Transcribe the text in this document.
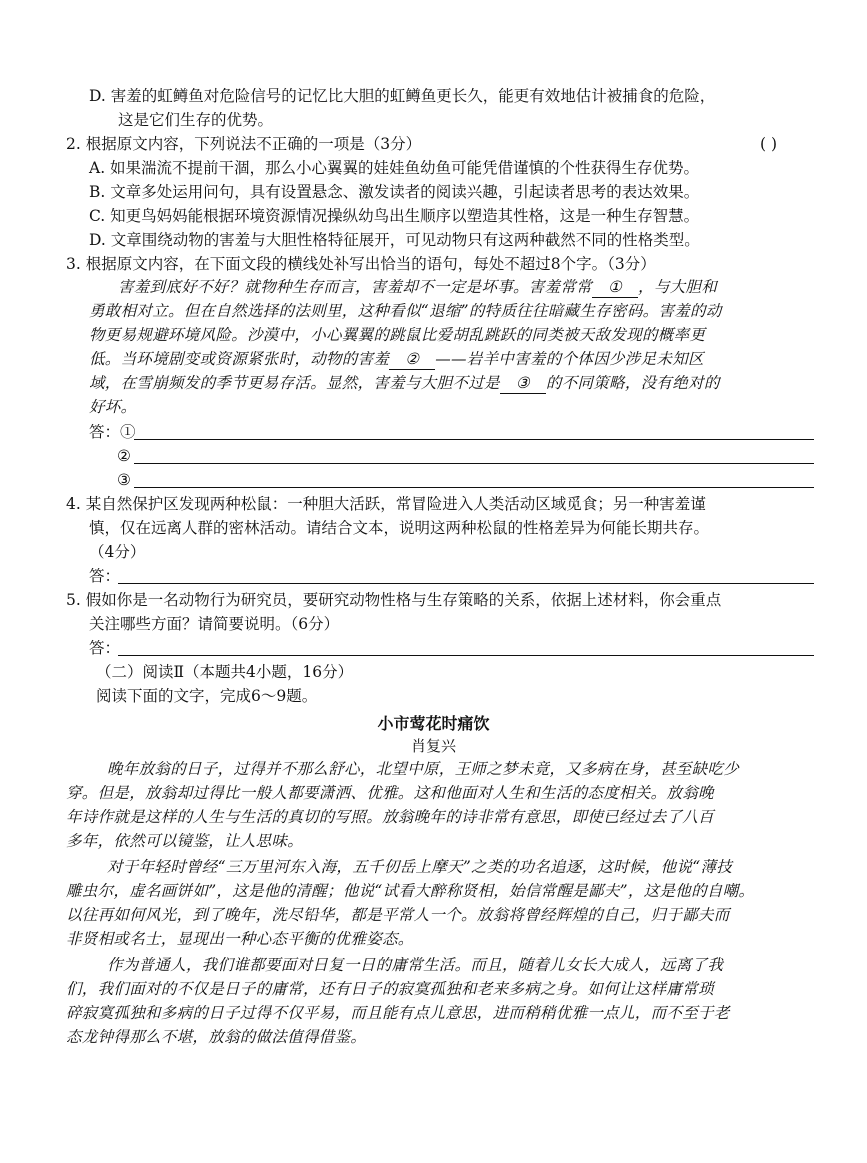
D. 害羞的虹鳟鱼对危险信号的记忆比大胆的虹鳟鱼更长久，能更有效地估计被捕食的危险，
这是它们生存的优势。
2. 根据原文内容，下列说法不正确的一项是（3分）	( )
A. 如果湍流不提前干涸，那么小心翼翼的娃娃鱼幼鱼可能凭借谨慎的个性获得生存优势。
B. 文章多处运用问句，具有设置悬念、激发读者的阅读兴趣，引起读者思考的表达效果。
C. 知更鸟妈妈能根据环境资源情况操纵幼鸟出生顺序以塑造其性格，这是一种生存智慧。
D. 文章围绕动物的害羞与大胆性格特征展开，可见动物只有这两种截然不同的性格类型。
3. 根据原文内容，在下面文段的横线处补写出恰当的语句，每处不超过8个字。（3分）
害羞到底好不好？就物种生存而言，害羞却不一定是坏事。害羞常常 ① ，与大胆和
勇敢相对立。但在自然选择的法则里，这种看似“退缩”的特质往往暗藏生存密码。害羞的动
物更易规避环境风险。沙漠中，小心翼翼的跳鼠比爱胡乱跳跃的同类被天敌发现的概率更
低。当环境剧变或资源紧张时，动物的害羞 ② ——岩羊中害羞的个体因少涉足未知区
域，在雪崩频发的季节更易存活。显然，害羞与大胆不过是 ③ 的不同策略，没有绝对的
好坏。
答：①
②
③
4. 某自然保护区发现两种松鼠：一种胆大活跃，常冒险进入人类活动区域觅食；另一种害羞谨
慎，仅在远离人群的密林活动。请结合文本，说明这两种松鼠的性格差异为何能长期共存。
（4分）
答：
5. 假如你是一名动物行为研究员，要研究动物性格与生存策略的关系，依据上述材料，你会重点
关注哪些方面？请简要说明。（6分）
答：
（二）阅读Ⅱ（本题共4小题，16分）
阅读下面的文字，完成6～9题。
小市莺花时痛饮
肖复兴
晚年放翁的日子，过得并不那么舒心，北望中原，王师之梦未竟，又多病在身，甚至缺吃少
穿。但是，放翁却过得比一般人都要潇洒、优雅。这和他面对人生和生活的态度相关。放翁晚
年诗作就是这样的人生与生活的真切的写照。放翁晚年的诗非常有意思，即使已经过去了八百
多年，依然可以镜鉴，让人思味。
对于年轻时曾经“三万里河东入海，五千仞岳上摩天”之类的功名追逐，这时候，他说“薄技
雕虫尔，虚名画饼如”，这是他的清醒；他说“试看大醉称贤相，始信常醒是鄙夫”，这是他的自嘲。
以往再如何风光，到了晚年，洗尽铅华，都是平常人一个。放翁将曾经辉煌的自己，归于鄙夫而
非贤相或名士，显现出一种心态平衡的优雅姿态。
作为普通人，我们谁都要面对日复一日的庸常生活。而且，随着儿女长大成人，远离了我
们，我们面对的不仅是日子的庸常，还有日子的寂寞孤独和老来多病之身。如何让这样庸常琐
碎寂寞孤独和多病的日子过得不仅平易，而且能有点儿意思，进而稍稍优雅一点儿，而不至于老
态龙钟得那么不堪，放翁的做法值得借鉴。
